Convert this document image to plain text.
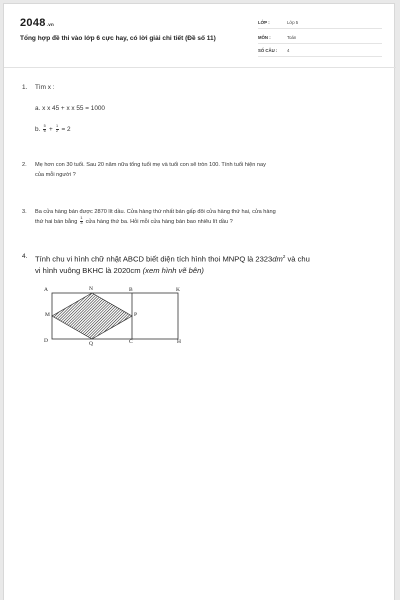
2048.vn
Tổng hợp đề thi vào lớp 6 cực hay, có lời giải chi tiết (Đề số 11)
LỚP :	Lớp 5
MÔN :	Toán
SỐ CÂU : 4
1. Tìm x :
a. x x 45 + x x 55 = 1000
b. $\frac{5}{6} + \frac{1}{2} = 2$
2. Mẹ hơn con 30 tuổi. Sau 20 năm nữa tổng tuổi mẹ và tuổi con sẽ tròn 100. Tính tuổi hiện nay
của mỗi người ?
3. Ba cửa hàng bán được 2870 lít dầu. Cửa hàng thứ nhất bán gấp đôi cửa hàng thứ hai, cửa hàng
thứ hai bán bằng $\frac{1}{3}$ cửa hàng thứ ba. Hỏi mỗi cửa hàng bán bao nhiêu lít dầu ?
4. Tính chu vi hình chữ nhật ABCD biết diện tích hình thoi MNPQ là $2323dm^2$ và chu
vi hình vuông BKHC là 2020cm (xem hình vẽ bên)
A	N	B	K
M	P
D	Q	C	H
